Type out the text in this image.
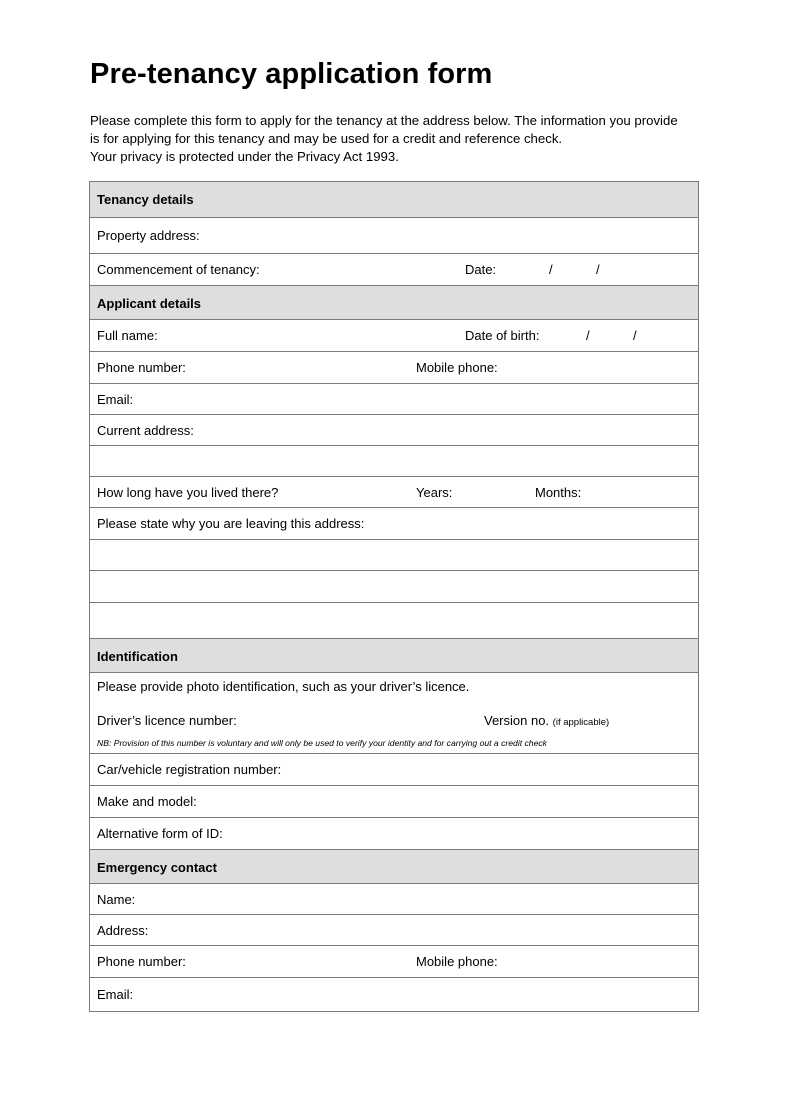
Pre-tenancy application form
Please complete this form to apply for the tenancy at the address below. The information you provide
is for applying for this tenancy and may be used for a credit and reference check.
Your privacy is protected under the Privacy Act 1993.
Tenancy details
Property address:
Commencement of tenancy:	Date:	/	/
Applicant details
Full name:	Date of birth:	/	/
Phone number:	Mobile phone:
Email:
Current address:
How long have you lived there?	Years:	Months:
Please state why you are leaving this address:
Identification
Please provide photo identification, such as your driver’s licence.
Driver’s licence number:	Version no. (if applicable)
NB: Provision of this number is voluntary and will only be used to verify your identity and for carrying out a credit check
Car/vehicle registration number:
Make and model:
Alternative form of ID:
Emergency contact
Name:
Address:
Phone number:	Mobile phone:
Email:
